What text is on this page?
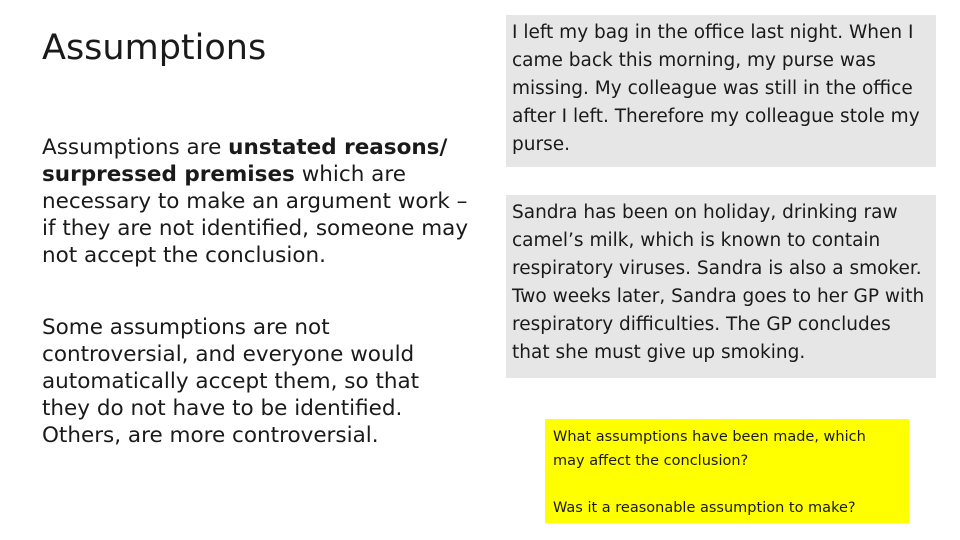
Assumptions
Assumptions are unstated reasons/ surpressed premises which are necessary to make an argument work – if they are not identified, someone may not accept the conclusion.
Some assumptions are not controversial, and everyone would automatically accept them, so that they do not have to be identified. Others, are more controversial.
I left my bag in the office last night. When I came back this morning, my purse was missing. My colleague was still in the office after I left. Therefore my colleague stole my purse.
Sandra has been on holiday, drinking raw camel’s milk, which is known to contain respiratory viruses. Sandra is also a smoker. Two weeks later, Sandra goes to her GP with respiratory difficulties. The GP concludes that she must give up smoking.
What assumptions have been made, which may affect the conclusion?
Was it a reasonable assumption to make?
